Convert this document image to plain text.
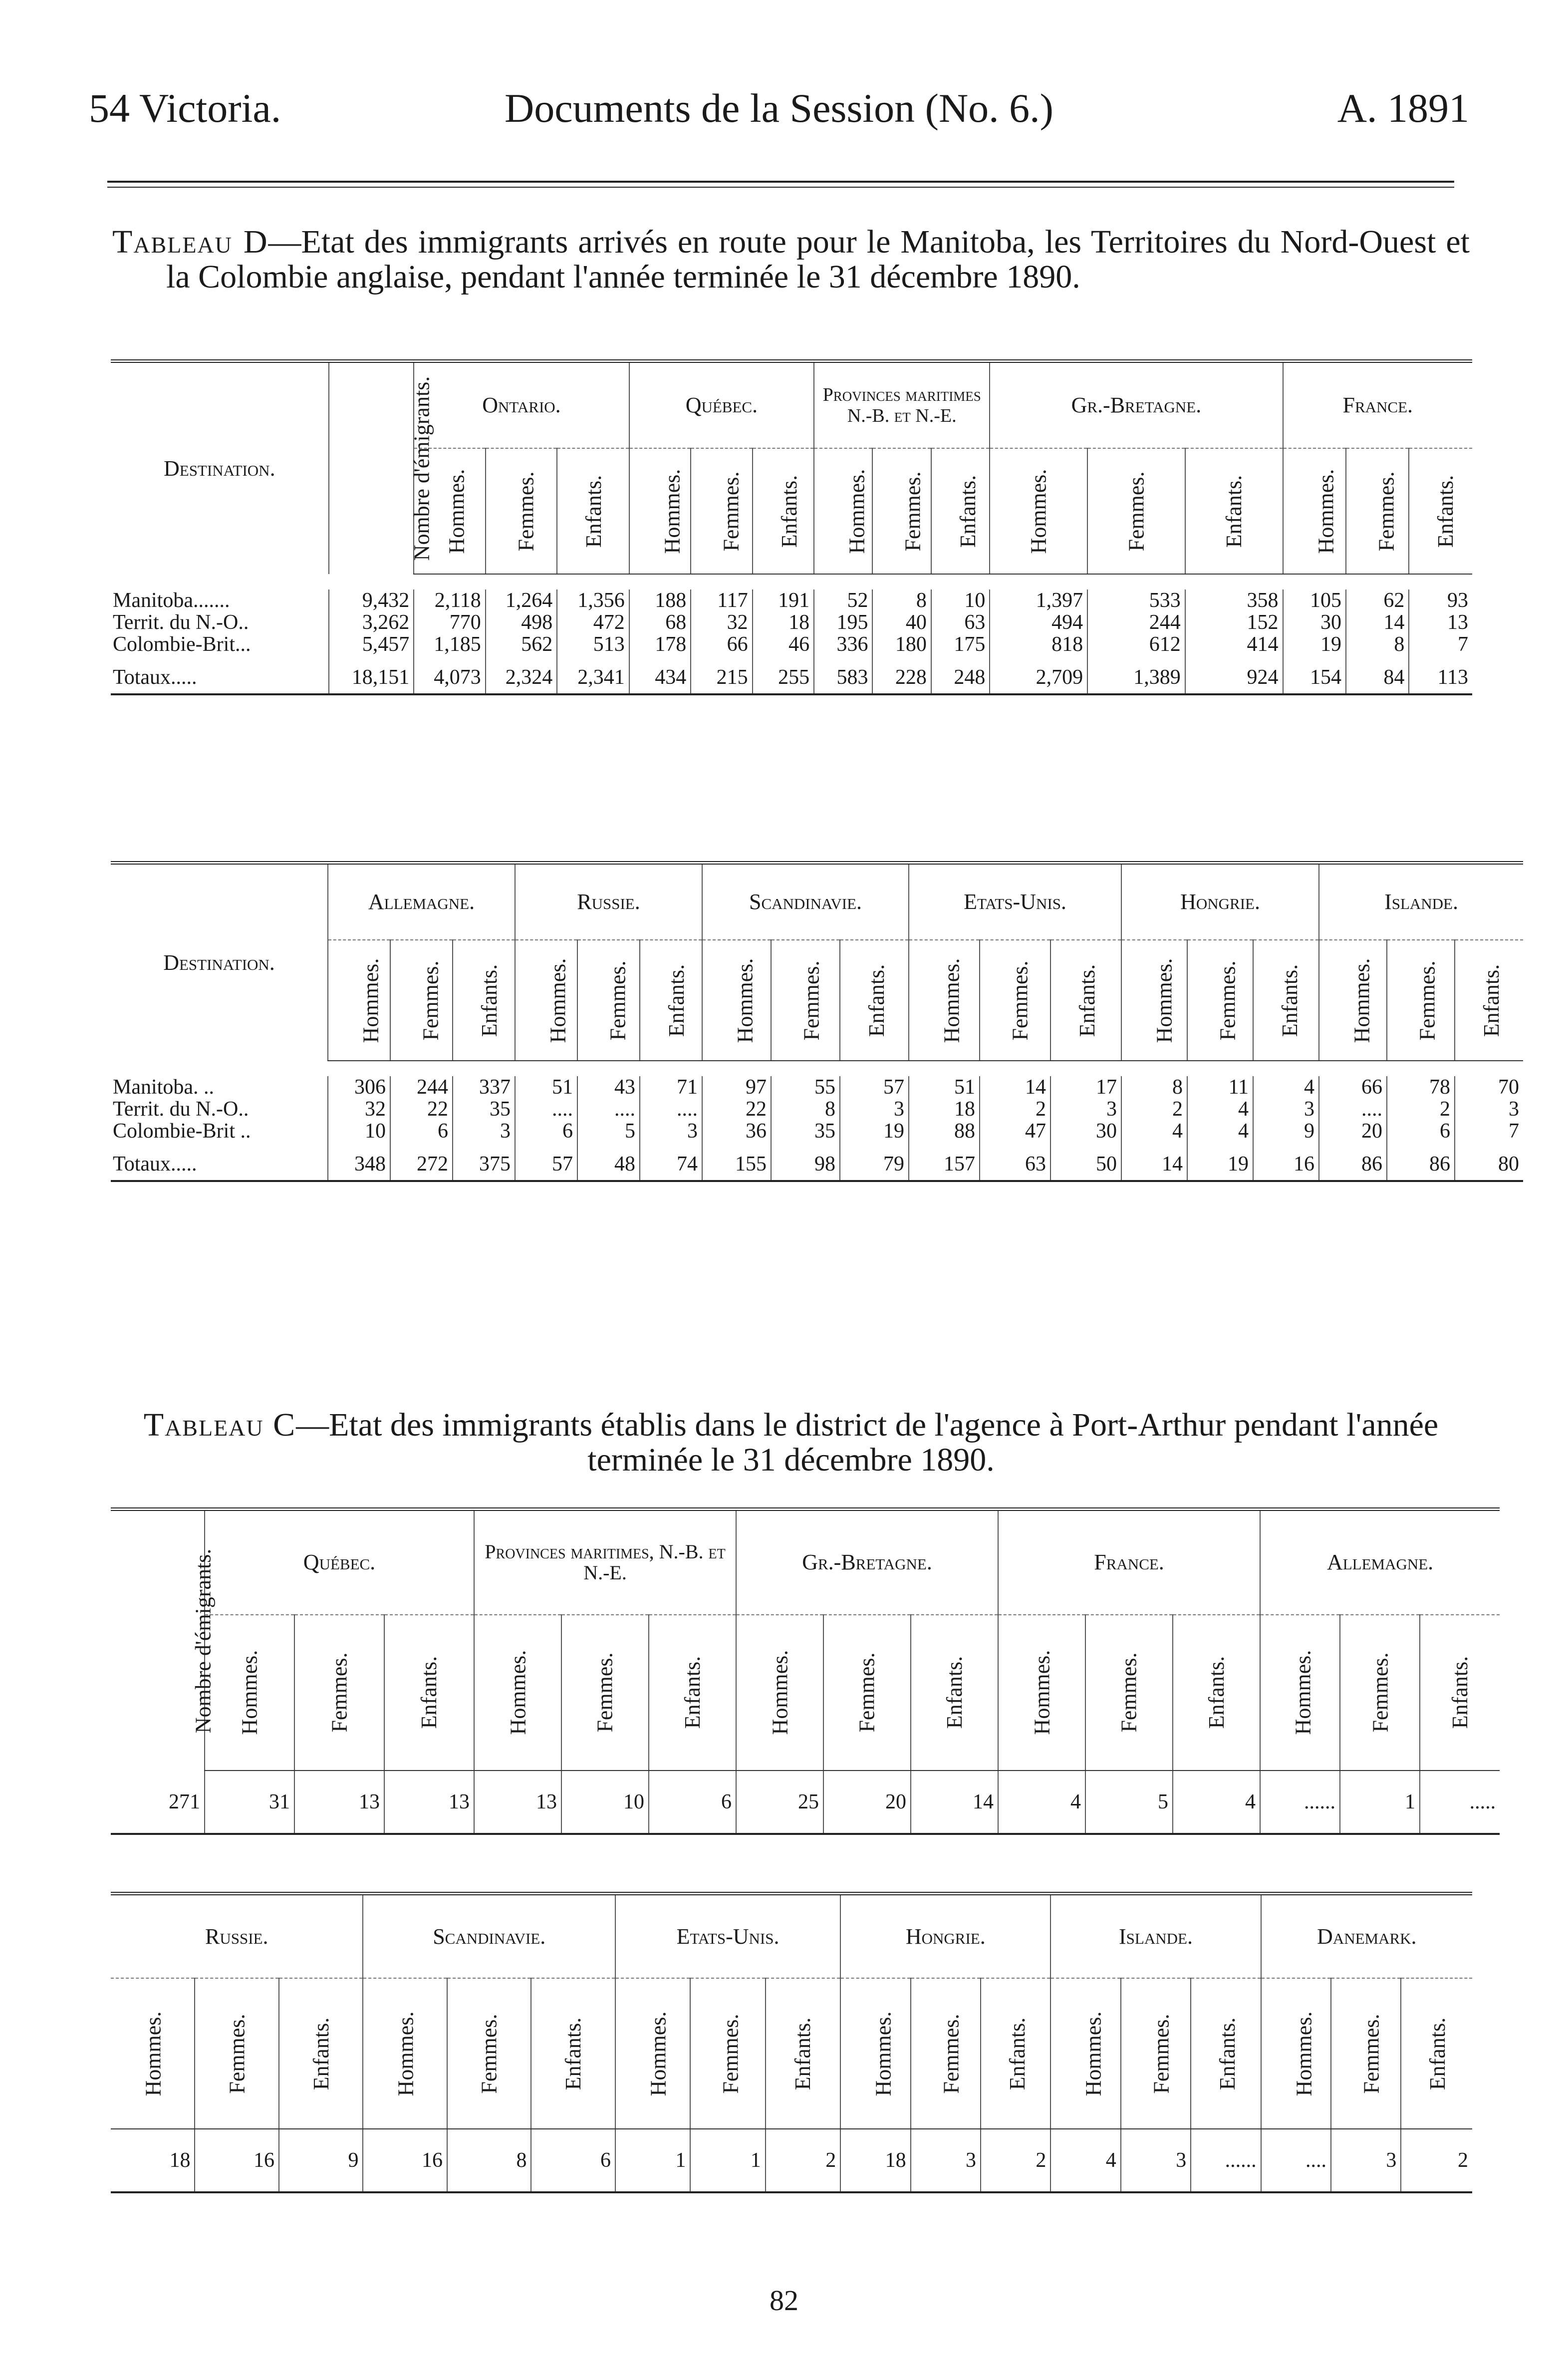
54 Victoria.	Documents de la Session (No. 6.)	A. 1891
Tableau D—Etat des immigrants arrivés en route pour le Manitoba, les Territoires du Nord-Ouest et la Colombie anglaise, pendant l'année terminée le 31 décembre 1890.
Destination.	Nombre d'émigrants.	Ontario.			Québec.			Provinces maritimes N.-B. et N.-E.			Gr.-Bretagne.			France.		
		Hommes.	Femmes.	Enfants.	Hommes.	Femmes.	Enfants.	Hommes.	Femmes.	Enfants.	Hommes.	Femmes.	Enfants.	Hommes.	Femmes.	Enfants.

Manitoba.......	9,432	2,118	1,264	1,356	188	117	191	52	8	10	1,397	533	358	105	62	93
Territ. du N.-O..	3,262	770	498	472	68	32	18	195	40	63	494	244	152	30	14	13
Colombie-Brit...	5,457	1,185	562	513	178	66	46	336	180	175	818	612	414	19	8	7
Totaux.....	18,151	4,073	2,324	2,341	434	215	255	583	228	248	2,709	1,389	924	154	84	113
Destination.	Allemagne.			Russie.			Scandinavie.			Etats-Unis.			Hongrie.			Islande.		
	Hommes.	Femmes.	Enfants.	Hommes.	Femmes.	Enfants.	Hommes.	Femmes.	Enfants.	Hommes.	Femmes.	Enfants.	Hommes.	Femmes.	Enfants.	Hommes.	Femmes.	Enfants.

Manitoba. ..	306	244	337	51	43	71	97	55	57	51	14	17	8	11	4	66	78	70
Territ. du N.-O..	32	22	35	....	....	....	22	8	3	18	2	3	2	4	3	....	2	3
Colombie-Brit ..	10	6	3	6	5	3	36	35	19	88	47	30	4	4	9	20	6	7
Totaux.....	348	272	375	57	48	74	155	98	79	157	63	50	14	19	16	86	86	80
Tableau C—Etat des immigrants établis dans le district de l'agence à Port-Arthur pendant l'année terminée le 31 décembre 1890.
Nombre d'émigrants.	Québec.			Provinces maritimes, N.-B. et N.-E.			Gr.-Bretagne.			France.			Allemagne.		
	Hommes.	Femmes.	Enfants.	Hommes.	Femmes.	Enfants.	Hommes.	Femmes.	Enfants.	Hommes.	Femmes.	Enfants.	Hommes.	Femmes.	Enfants.
271	31	13	13	13	10	6	25	20	14	4	5	4	......	1	.....
Russie.			Scandinavie.			Etats-Unis.			Hongrie.			Islande.			Danemark.		
Hommes.	Femmes.	Enfants.	Hommes.	Femmes.	Enfants.	Hommes.	Femmes.	Enfants.	Hommes.	Femmes.	Enfants.	Hommes.	Femmes.	Enfants.	Hommes.	Femmes.	Enfants.
18	16	9	16	8	6	1	1	2	18	3	2	4	3	......	....	3	2
82
